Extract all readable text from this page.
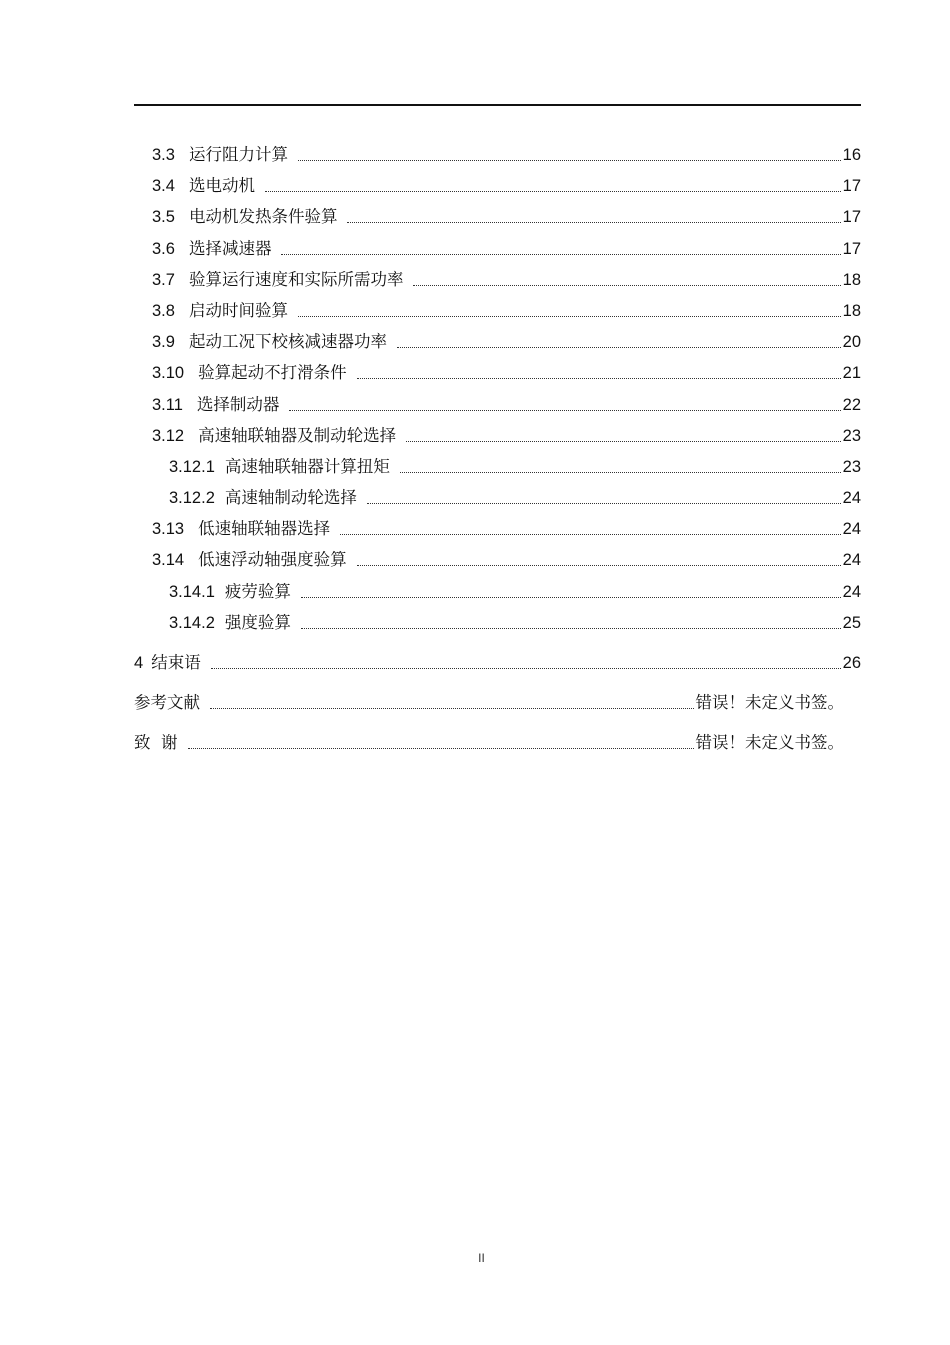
3.3 运行阻力计算	16
3.4 选电动机	17
3.5 电动机发热条件验算	17
3.6 选择减速器	17
3.7 验算运行速度和实际所需功率	18
3.8 启动时间验算	18
3.9 起动工况下校核减速器功率	20
3.10 验算起动不打滑条件	21
3.11 选择制动器	22
3.12 高速轴联轴器及制动轮选择	23
3.12.1 高速轴联轴器计算扭矩	23
3.12.2 高速轴制动轮选择	24
3.13 低速轴联轴器选择	24
3.14 低速浮动轴强度验算	24
3.14.1 疲劳验算	24
3.14.2 强度验算	25
4 结束语	26
参考文献	错误！未定义书签。
致  谢	错误！未定义书签。
II
